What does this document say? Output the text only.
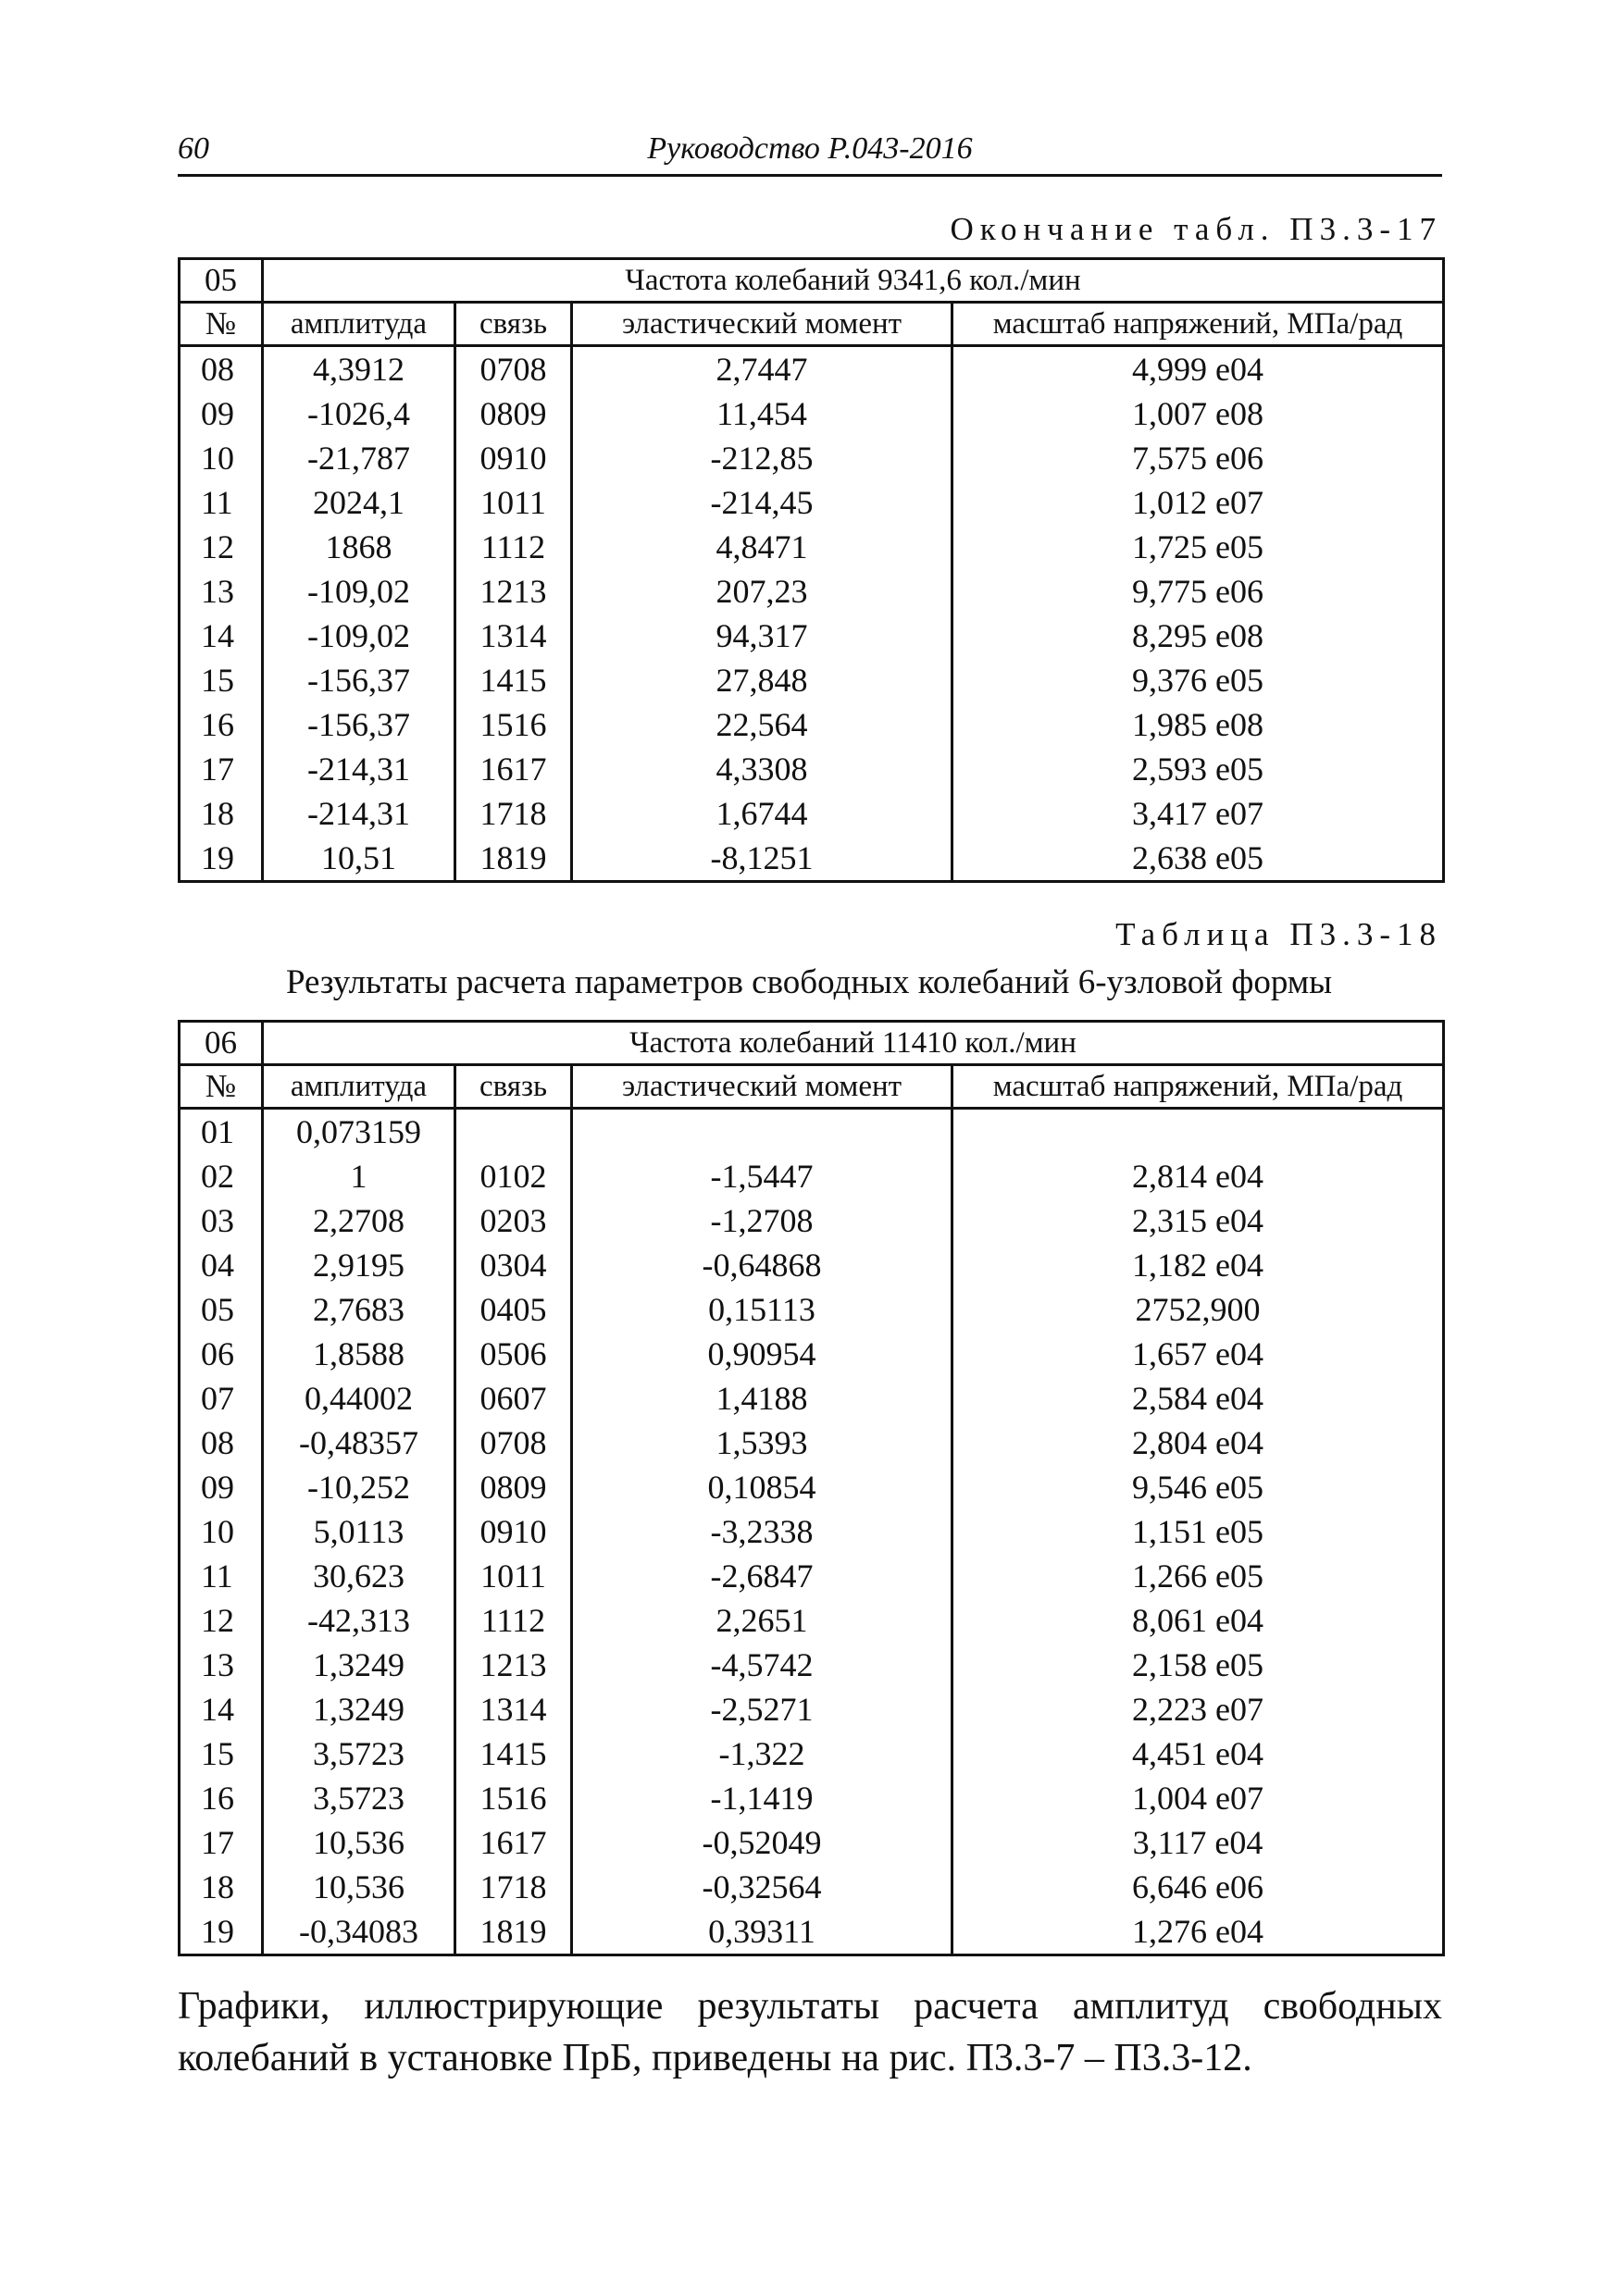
60	Руководство Р.043-2016
Окончание табл. П3.3-17
05	Частота колебаний 9341,6 кол./мин			
№	амплитуда	связь	эластический момент	масштаб напряжений, МПа/рад
08	4,3912	0708	2,7447	4,999 е04
09	-1026,4	0809	11,454	1,007 е08
10	-21,787	0910	-212,85	7,575 е06
11	2024,1	1011	-214,45	1,012 е07
12	1868	1112	4,8471	1,725 е05
13	-109,02	1213	207,23	9,775 е06
14	-109,02	1314	94,317	8,295 е08
15	-156,37	1415	27,848	9,376 е05
16	-156,37	1516	22,564	1,985 е08
17	-214,31	1617	4,3308	2,593 е05
18	-214,31	1718	1,6744	3,417 е07
19	10,51	1819	-8,1251	2,638 е05
Таблица П3.3-18
Результаты расчета параметров свободных колебаний 6-узловой формы
06	Частота колебаний 11410 кол./мин			
№	амплитуда	связь	эластический момент	масштаб напряжений, МПа/рад
01	0,073159			
02	1	0102	-1,5447	2,814 е04
03	2,2708	0203	-1,2708	2,315 е04
04	2,9195	0304	-0,64868	1,182 е04
05	2,7683	0405	0,15113	2752,900
06	1,8588	0506	0,90954	1,657 е04
07	0,44002	0607	1,4188	2,584 е04
08	-0,48357	0708	1,5393	2,804 е04
09	-10,252	0809	0,10854	9,546 е05
10	5,0113	0910	-3,2338	1,151 е05
11	30,623	1011	-2,6847	1,266 е05
12	-42,313	1112	2,2651	8,061 е04
13	1,3249	1213	-4,5742	2,158 е05
14	1,3249	1314	-2,5271	2,223 е07
15	3,5723	1415	-1,322	4,451 е04
16	3,5723	1516	-1,1419	1,004 е07
17	10,536	1617	-0,52049	3,117 е04
18	10,536	1718	-0,32564	6,646 е06
19	-0,34083	1819	0,39311	1,276 е04
Графики, иллюстрирующие результаты расчета амплитуд свободных колебаний в установке ПрБ, приведены на рис. П3.3-7 – П3.3-12.
